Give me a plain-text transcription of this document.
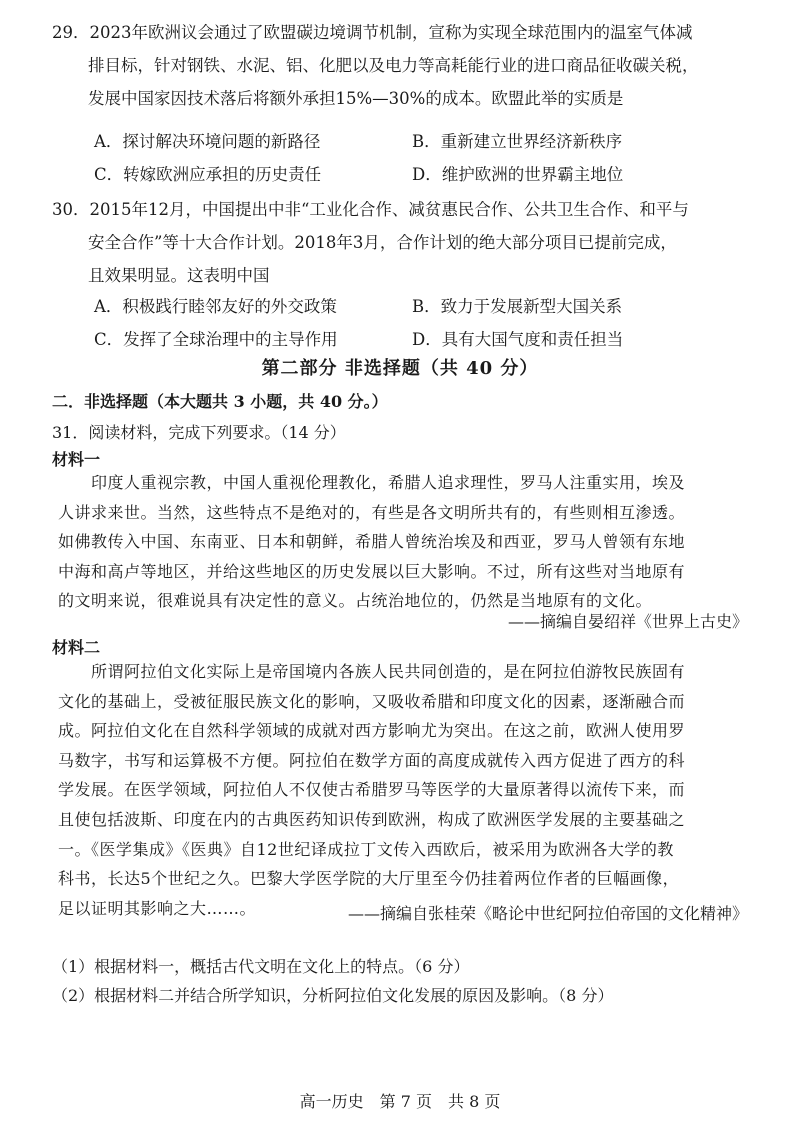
29．2023年欧洲议会通过了欧盟碳边境调节机制，宣称为实现全球范围内的温室气体减
排目标，针对钢铁、水泥、铝、化肥以及电力等高耗能行业的进口商品征收碳关税，
发展中国家因技术落后将额外承担15%—30%的成本。欧盟此举的实质是
A．探讨解决环境问题的新路径	B．重新建立世界经济新秩序
C．转嫁欧洲应承担的历史责任	D．维护欧洲的世界霸主地位
30．2015年12月，中国提出中非“工业化合作、减贫惠民合作、公共卫生合作、和平与
安全合作”等十大合作计划。2018年3月，合作计划的绝大部分项目已提前完成，
且效果明显。这表明中国
A．积极践行睦邻友好的外交政策	B．致力于发展新型大国关系
C．发挥了全球治理中的主导作用	D．具有大国气度和责任担当
第二部分 非选择题（共 40 分）
二．非选择题（本大题共 3 小题，共 40 分。）
31．阅读材料，完成下列要求。（14 分）
材料一
印度人重视宗教，中国人重视伦理教化，希腊人追求理性，罗马人注重实用，埃及
人讲求来世。当然，这些特点不是绝对的，有些是各文明所共有的，有些则相互渗透。
如佛教传入中国、东南亚、日本和朝鲜，希腊人曾统治埃及和西亚，罗马人曾领有东地
中海和高卢等地区，并给这些地区的历史发展以巨大影响。不过，所有这些对当地原有
的文明来说，很难说具有决定性的意义。占统治地位的，仍然是当地原有的文化。
——摘编自晏绍祥《世界上古史》
材料二
所谓阿拉伯文化实际上是帝国境内各族人民共同创造的，是在阿拉伯游牧民族固有
文化的基础上，受被征服民族文化的影响，又吸收希腊和印度文化的因素，逐渐融合而
成。阿拉伯文化在自然科学领域的成就对西方影响尤为突出。在这之前，欧洲人使用罗
马数字，书写和运算极不方便。阿拉伯在数学方面的高度成就传入西方促进了西方的科
学发展。在医学领域，阿拉伯人不仅使古希腊罗马等医学的大量原著得以流传下来，而
且使包括波斯、印度在内的古典医药知识传到欧洲，构成了欧洲医学发展的主要基础之
一。《医学集成》《医典》自12世纪译成拉丁文传入西欧后，被采用为欧洲各大学的教
科书，长达5个世纪之久。巴黎大学医学院的大厅里至今仍挂着两位作者的巨幅画像，
足以证明其影响之大……。	——摘编自张桂荣《略论中世纪阿拉伯帝国的文化精神》
（1）根据材料一，概括古代文明在文化上的特点。（6 分）
（2）根据材料二并结合所学知识，分析阿拉伯文化发展的原因及影响。（8 分）
高一历史　第 7 页　共 8 页
